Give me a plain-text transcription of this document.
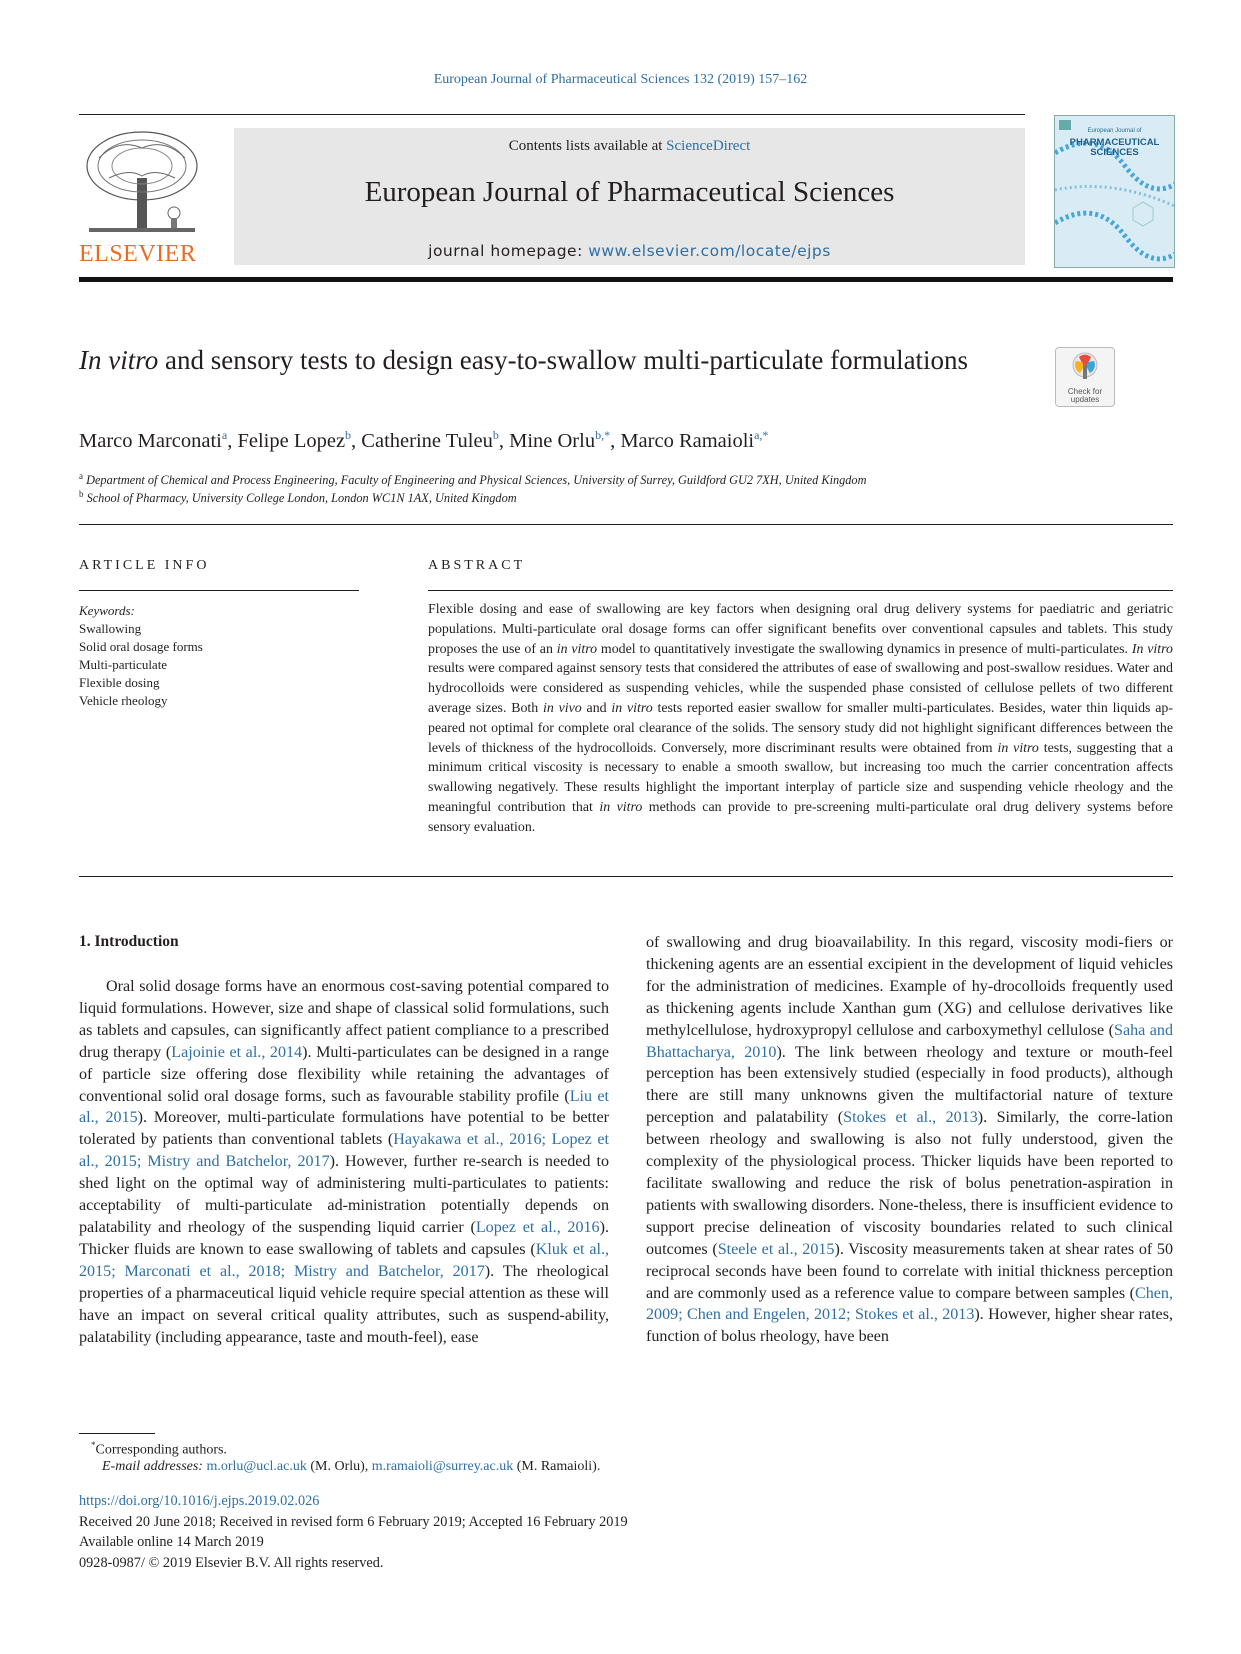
European Journal of Pharmaceutical Sciences 132 (2019) 157–162
ELSEVIER
Contents lists available at ScienceDirect
European Journal of Pharmaceutical Sciences
journal homepage: www.elsevier.com/locate/ejps
European Journal of
PHARMACEUTICAL SCIENCES
In vitro and sensory tests to design easy-to-swallow multi-particulate formulations
Check for updates
Marco Marconati$^a$, Felipe Lopez$^b$, Catherine Tuleu$^b$, Mine Orlu$^{b,*}$, Marco Ramaioli$^{a,*}$
$^a$ Department of Chemical and Process Engineering, Faculty of Engineering and Physical Sciences, University of Surrey, Guildford GU2 7XH, United Kingdom
$^b$ School of Pharmacy, University College London, London WC1N 1AX, United Kingdom
ARTICLE INFO
Keywords:
Swallowing
Solid oral dosage forms
Multi-particulate
Flexible dosing
Vehicle rheology
ABSTRACT
Flexible dosing and ease of swallowing are key factors when designing oral drug delivery systems for paediatric and geriatric populations. Multi-particulate oral dosage forms can offer significant benefits over conventional capsules and tablets. This study proposes the use of an in vitro model to quantitatively investigate the swallowing dynamics in presence of multi-particulates. In vitro results were compared against sensory tests that considered the attributes of ease of swallowing and post-swallow residues. Water and hydrocolloids were considered as suspending vehicles, while the suspended phase consisted of cellulose pellets of two different average sizes. Both in vivo and in vitro tests reported easier swallow for smaller multi-particulates. Besides, water thin liquids ap-peared not optimal for complete oral clearance of the solids. The sensory study did not highlight significant differences between the levels of thickness of the hydrocolloids. Conversely, more discriminant results were obtained from in vitro tests, suggesting that a minimum critical viscosity is necessary to enable a smooth swallow, but increasing too much the carrier concentration affects swallowing negatively. These results highlight the important interplay of particle size and suspending vehicle rheology and the meaningful contribution that in vitro methods can provide to pre-screening multi-particulate oral drug delivery systems before sensory evaluation.
1. Introduction
Oral solid dosage forms have an enormous cost-saving potential compared to liquid formulations. However, size and shape of classical solid formulations, such as tablets and capsules, can significantly affect patient compliance to a prescribed drug therapy (Lajoinie et al., 2014). Multi-particulates can be designed in a range of particle size offering dose flexibility while retaining the advantages of conventional solid oral dosage forms, such as favourable stability profile (Liu et al., 2015). Moreover, multi-particulate formulations have potential to be better tolerated by patients than conventional tablets (Hayakawa et al., 2016; Lopez et al., 2015; Mistry and Batchelor, 2017). However, further re-search is needed to shed light on the optimal way of administering multi-particulates to patients: acceptability of multi-particulate ad-ministration potentially depends on palatability and rheology of the suspending liquid carrier (Lopez et al., 2016). Thicker fluids are known to ease swallowing of tablets and capsules (Kluk et al., 2015; Marconati et al., 2018; Mistry and Batchelor, 2017). The rheological properties of a pharmaceutical liquid vehicle require special attention as these will have an impact on several critical quality attributes, such as suspend-ability, palatability (including appearance, taste and mouth-feel), ease
of swallowing and drug bioavailability. In this regard, viscosity modi-fiers or thickening agents are an essential excipient in the development of liquid vehicles for the administration of medicines. Example of hy-drocolloids frequently used as thickening agents include Xanthan gum (XG) and cellulose derivatives like methylcellulose, hydroxypropyl cellulose and carboxymethyl cellulose (Saha and Bhattacharya, 2010). The link between rheology and texture or mouth-feel perception has been extensively studied (especially in food products), although there are still many unknowns given the multifactorial nature of texture perception and palatability (Stokes et al., 2013). Similarly, the corre-lation between rheology and swallowing is also not fully understood, given the complexity of the physiological process. Thicker liquids have been reported to facilitate swallowing and reduce the risk of bolus penetration-aspiration in patients with swallowing disorders. None-theless, there is insufficient evidence to support precise delineation of viscosity boundaries related to such clinical outcomes (Steele et al., 2015). Viscosity measurements taken at shear rates of 50 reciprocal seconds have been found to correlate with initial thickness perception and are commonly used as a reference value to compare between samples (Chen, 2009; Chen and Engelen, 2012; Stokes et al., 2013). However, higher shear rates, function of bolus rheology, have been
*Corresponding authors.
E-mail addresses: m.orlu@ucl.ac.uk (M. Orlu), m.ramaioli@surrey.ac.uk (M. Ramaioli).
https://doi.org/10.1016/j.ejps.2019.02.026
Received 20 June 2018; Received in revised form 6 February 2019; Accepted 16 February 2019
Available online 14 March 2019
0928-0987/ © 2019 Elsevier B.V. All rights reserved.
